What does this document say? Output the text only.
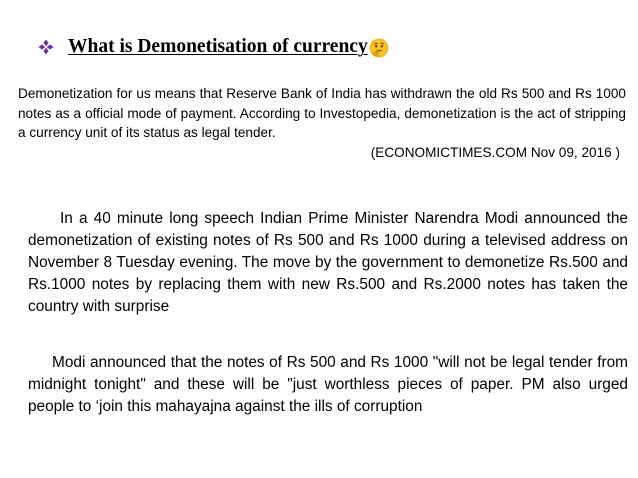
What is Demonetisation of currency

Demonetization for us means that Reserve Bank of India has withdrawn the old Rs 500 and Rs 1000 notes as a official mode of payment. According to Investopedia, demonetization is the act of stripping a currency unit of its status as legal tender.

(ECONOMICTIMES.COM Nov 09, 2016 )

In a 40 minute long speech Indian Prime Minister Narendra Modi announced the demonetization of existing notes of Rs 500 and Rs 1000 during a televised address on November 8 Tuesday evening. The move by the government to demonetize Rs.500 and Rs.1000 notes by replacing them with new Rs.500 and Rs.2000 notes has taken the country with surprise

Modi announced that the notes of Rs 500 and Rs 1000 "will not be legal tender from midnight tonight" and these will be "just worthless pieces of paper. PM also urged people to ‘join this mahayajna against the ills of corruption
